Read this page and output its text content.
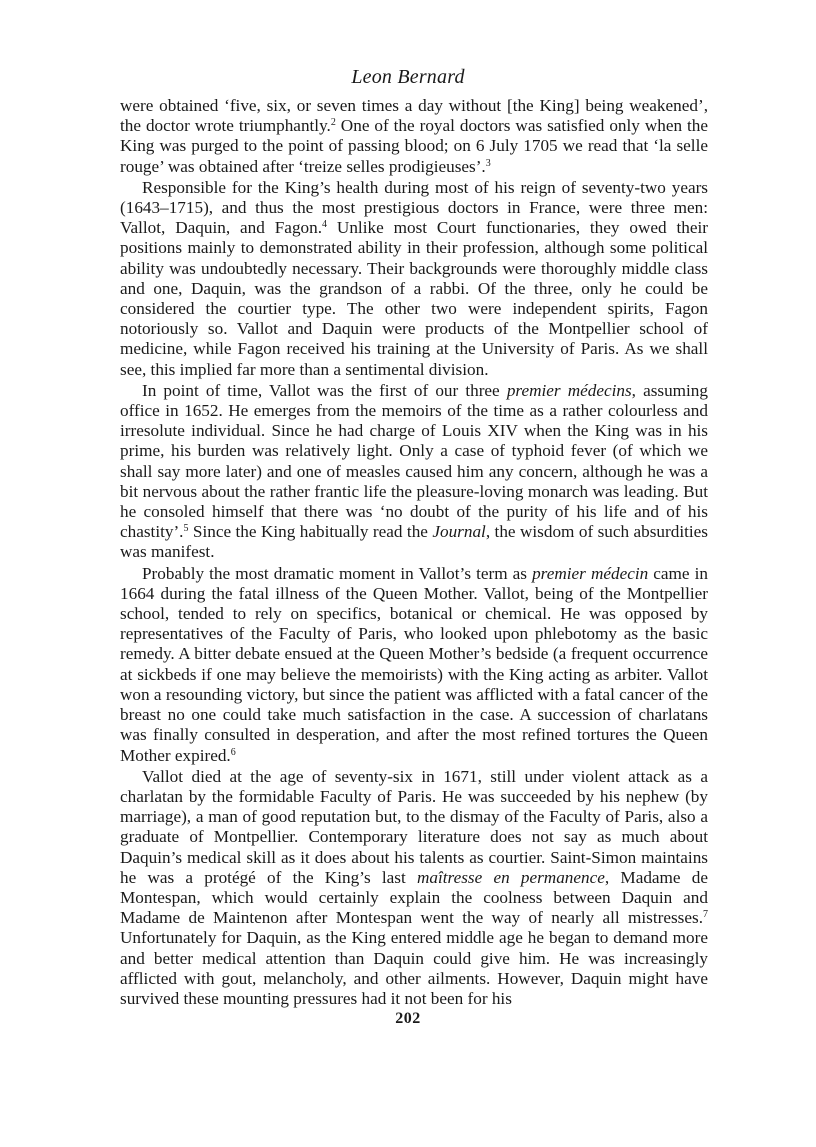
Leon Bernard

were obtained ‘five, six, or seven times a day without [the King] being weakened’, the doctor wrote triumphantly.$^2$ One of the royal doctors was satisfied only when the King was purged to the point of passing blood; on 6 July 1705 we read that ‘la selle rouge’ was obtained after ‘treize selles prodigieuses’.$^3$

Responsible for the King’s health during most of his reign of seventy-two years (1643–1715), and thus the most prestigious doctors in France, were three men: Vallot, Daquin, and Fagon.$^4$ Unlike most Court functionaries, they owed their positions mainly to demonstrated ability in their profession, although some political ability was undoubtedly necessary. Their backgrounds were thoroughly middle class and one, Daquin, was the grandson of a rabbi. Of the three, only he could be considered the courtier type. The other two were independent spirits, Fagon notoriously so. Vallot and Daquin were products of the Montpellier school of medicine, while Fagon received his training at the University of Paris. As we shall see, this implied far more than a sentimental division.

In point of time, Vallot was the first of our three premier médecins, assuming office in 1652. He emerges from the memoirs of the time as a rather colourless and irresolute individual. Since he had charge of Louis XIV when the King was in his prime, his burden was relatively light. Only a case of typhoid fever (of which we shall say more later) and one of measles caused him any concern, although he was a bit nervous about the rather frantic life the pleasure-loving monarch was leading. But he consoled himself that there was ‘no doubt of the purity of his life and of his chastity’.$^5$ Since the King habitually read the Journal, the wisdom of such absurdities was manifest.

Probably the most dramatic moment in Vallot’s term as premier médecin came in 1664 during the fatal illness of the Queen Mother. Vallot, being of the Montpellier school, tended to rely on specifics, botanical or chemical. He was opposed by representatives of the Faculty of Paris, who looked upon phlebotomy as the basic remedy. A bitter debate ensued at the Queen Mother’s bedside (a frequent occurrence at sickbeds if one may believe the memoirists) with the King acting as arbiter. Vallot won a resounding victory, but since the patient was afflicted with a fatal cancer of the breast no one could take much satisfaction in the case. A succession of charlatans was finally consulted in desperation, and after the most refined tortures the Queen Mother expired.$^6$

Vallot died at the age of seventy-six in 1671, still under violent attack as a charlatan by the formidable Faculty of Paris. He was succeeded by his nephew (by marriage), a man of good reputation but, to the dismay of the Faculty of Paris, also a graduate of Montpellier. Contemporary literature does not say as much about Daquin’s medical skill as it does about his talents as courtier. Saint-Simon maintains he was a protégé of the King’s last maîtresse en permanence, Madame de Montespan, which would certainly explain the coolness between Daquin and Madame de Maintenon after Montespan went the way of nearly all mistresses.$^7$ Unfortunately for Daquin, as the King entered middle age he began to demand more and better medical attention than Daquin could give him. He was increasingly afflicted with gout, melancholy, and other ailments. However, Daquin might have survived these mounting pressures had it not been for his

202
